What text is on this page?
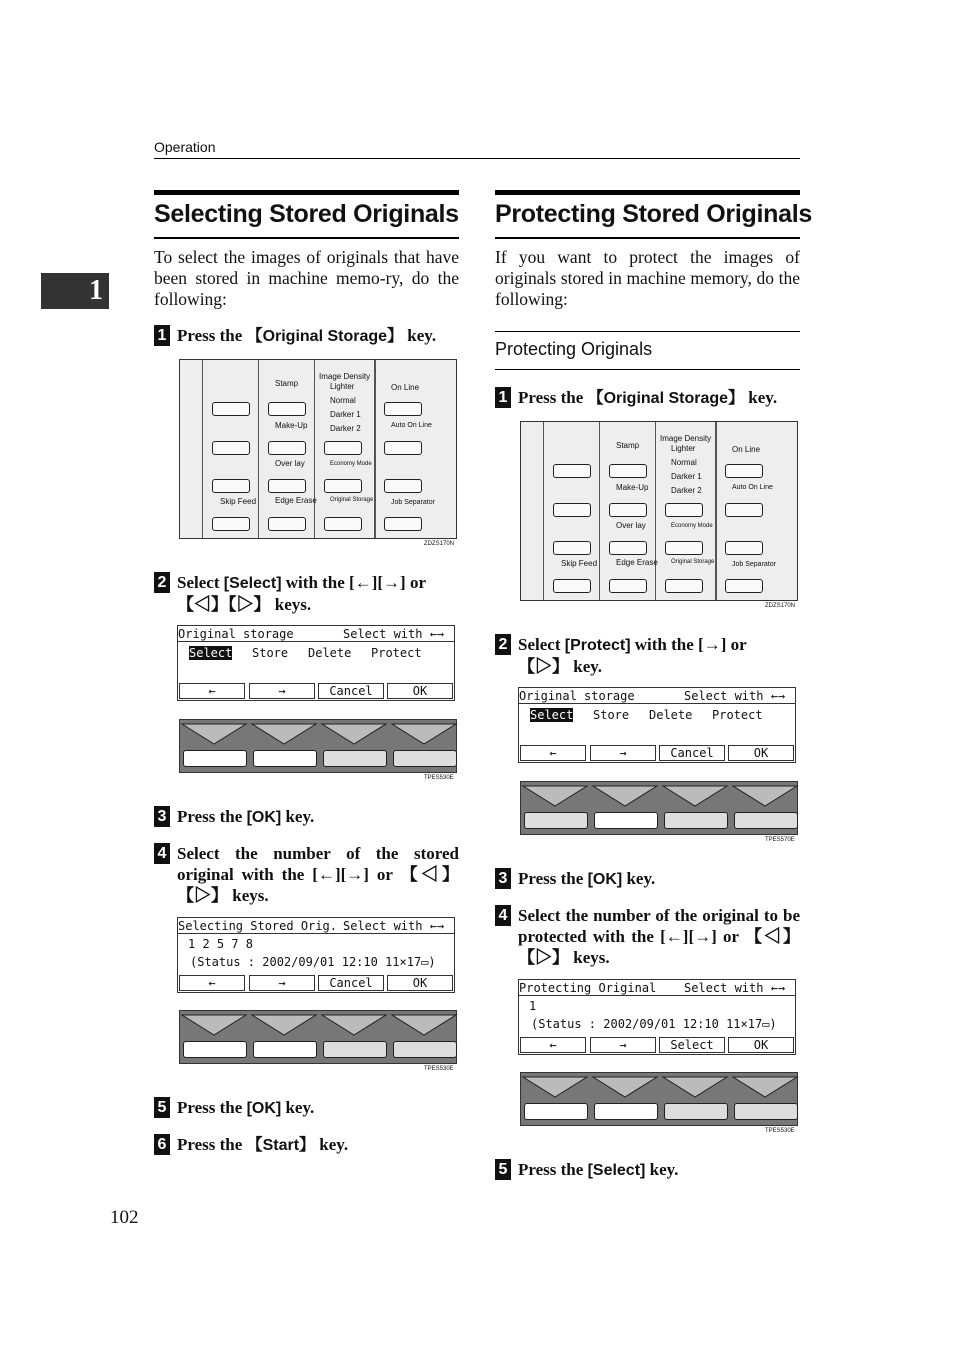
Operation
1
Selecting Stored Originals
To select the images of originals that have been stored in machine memo-ry, do the following:
1 Press the 【Original Storage】 key.
Stamp
Make-Up
Over lay
Skip Feed Edge Erase
Image Density
Lighter
Normal
Darker 1
Darker 2
Economy Mode
Original Storage
On Line
Auto On Line
Job Separator
ZDZS170N
2 Select [Select] with the [←][→] or 【◁】【▷】 keys.
Original storage	Select with ←→
Select Store Delete Protect
←	→	Cancel	OK
TPES530E
3 Press the [OK] key.
4 Select the number of the stored original with the [←][→] or 【◁】【▷】 keys.
Selecting Stored Orig. Select with ←→
1 2 5 7 8
(Status : 2002/09/01 12:10 11×17▭)
←	→	Cancel	OK
TPES530E
5 Press the [OK] key.
6 Press the 【Start】 key.
Protecting Stored Originals
If you want to protect the images of originals stored in machine memory, do the following:
Protecting Originals
1 Press the 【Original Storage】 key.
Stamp
Make-Up
Over lay
Skip Feed Edge Erase
Image Density
Lighter
Normal
Darker 1
Darker 2
Economy Mode
Original Storage
On Line
Auto On Line
Job Separator
ZDZS170N
2 Select [Protect] with the [→] or 【▷】 key.
Original storage	Select with ←→
Select Store Delete Protect
←	→	Cancel	OK
TPES570E
3 Press the [OK] key.
4 Select the number of the original to be protected with the [←][→] or 【◁】【▷】 keys.
Protecting Original Select with ←→
1
(Status : 2002/09/01 12:10 11×17▭)
←	→	Select	OK
TPES530E
5 Press the [Select] key.
102
